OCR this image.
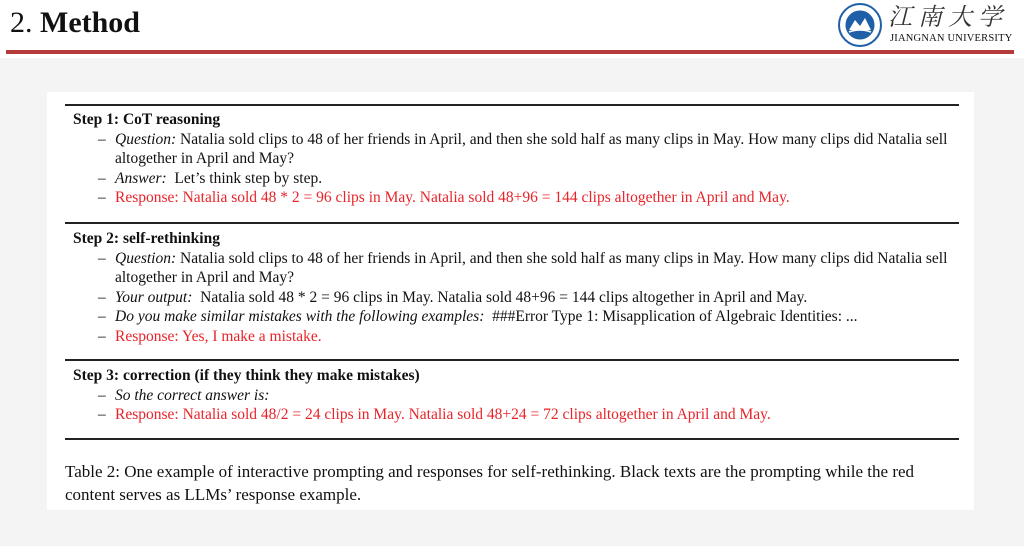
2. Method	江南大学
JIANGNAN UNIVERSITY

Step 1: CoT reasoning

– Question: Natalia sold clips to 48 of her friends in April, and then she sold half as many clips in May. How many clips did Natalia sell altogether in April and May?

– Answer: Let’s think step by step.

– Response: Natalia sold 48 * 2 = 96 clips in May. Natalia sold 48+96 = 144 clips altogether in April and May.

Step 2: self-rethinking

– Question: Natalia sold clips to 48 of her friends in April, and then she sold half as many clips in May. How many clips did Natalia sell altogether in April and May?

– Your output: Natalia sold 48 * 2 = 96 clips in May. Natalia sold 48+96 = 144 clips altogether in April and May.

– Do you make similar mistakes with the following examples: ###Error Type 1: Misapplication of Algebraic Identities: ...

– Response: Yes, I make a mistake.

Step 3: correction (if they think they make mistakes)

– So the correct answer is:

– Response: Natalia sold 48/2 = 24 clips in May. Natalia sold 48+24 = 72 clips altogether in April and May.

Table 2: One example of interactive prompting and responses for self-rethinking. Black texts are the prompting while the red content serves as LLMs’ response example.
